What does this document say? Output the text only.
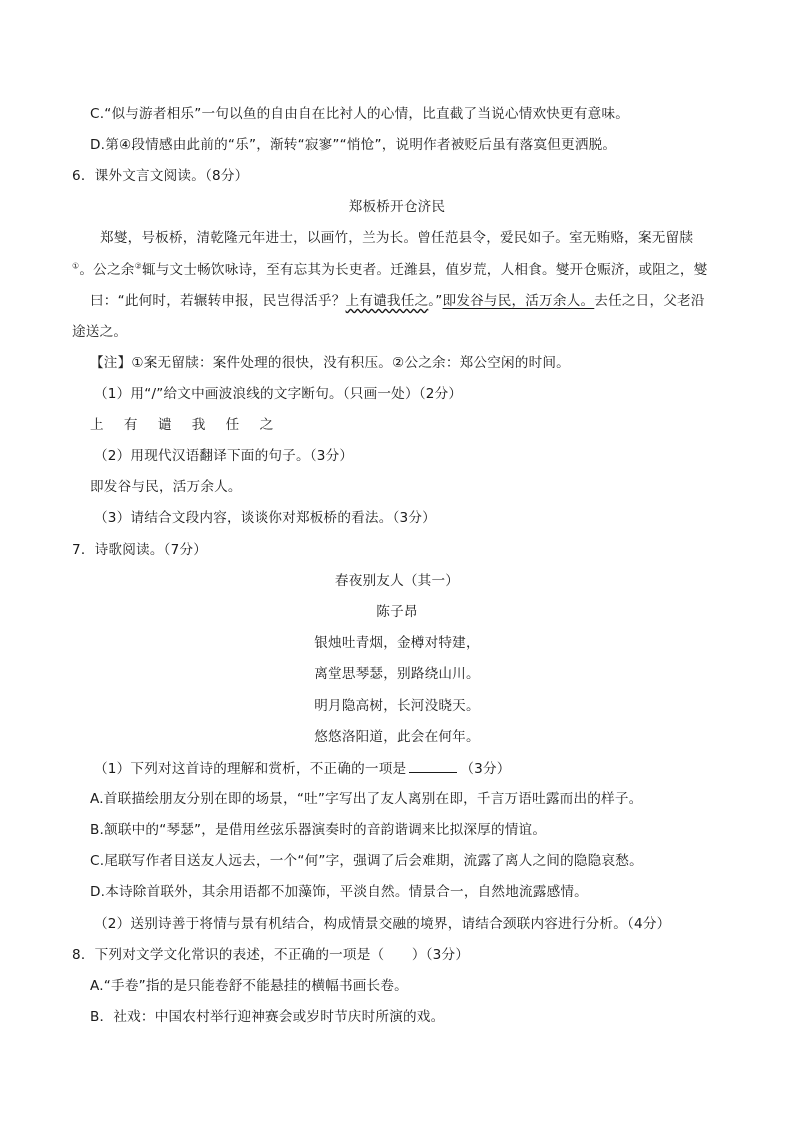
C.“似与游者相乐”一句以鱼的自由自在比衬人的心情，比直截了当说心情欢快更有意味。
D.第④段情感由此前的“乐”，渐转“寂寥”“悄怆”，说明作者被贬后虽有落寞但更洒脱。
6．课外文言文阅读。（8分）
郑板桥开仓济民
郑燮，号板桥，清乾隆元年进士，以画竹，兰为长。曾任范县令，爱民如子。室无贿赂，案无留牍
①。公之余②辄与文士畅饮咏诗，至有忘其为长吏者。迁潍县，值岁荒，人相食。燮开仓赈济，或阻之，燮
曰：“此何时，若辗转申报，民岂得活乎？上有谴我任之。”即发谷与民，活万余人。去任之日，父老沿
途送之。
【注】①案无留牍：案件处理的很快，没有积压。②公之余：郑公空闲的时间。
（1）用“/”给文中画波浪线的文字断句。（只画一处）（2分）
上 有 谴 我 任 之
（2）用现代汉语翻译下面的句子。（3分）
即发谷与民，活万余人。
（3）请结合文段内容，谈谈你对郑板桥的看法。（3分）
7．诗歌阅读。（7分）
春夜别友人（其一）
陈子昂
银烛吐青烟，金樽对特建，
离堂思琴瑟，别路绕山川。
明月隐高树，长河没晓天。
悠悠洛阳道，此会在何年。
（1）下列对这首诗的理解和赏析，不正确的一项是	（3分）
A.首联描绘朋友分别在即的场景，“吐”字写出了友人离别在即，千言万语吐露而出的样子。
B.颔联中的“琴瑟”，是借用丝弦乐器演奏时的音韵谐调来比拟深厚的情谊。
C.尾联写作者目送友人远去，一个“何”字，强调了后会难期，流露了离人之间的隐隐哀愁。
D.本诗除首联外，其余用语都不加藻饰，平淡自然。情景合一，自然地流露感情。
（2）送别诗善于将情与景有机结合，构成情景交融的境界，请结合颈联内容进行分析。（4分）
8．下列对文学文化常识的表述，不正确的一项是（　　）（3分）
A.“手卷”指的是只能卷舒不能悬挂的横幅书画长卷。
B．社戏：中国农村举行迎神赛会或岁时节庆时所演的戏。
